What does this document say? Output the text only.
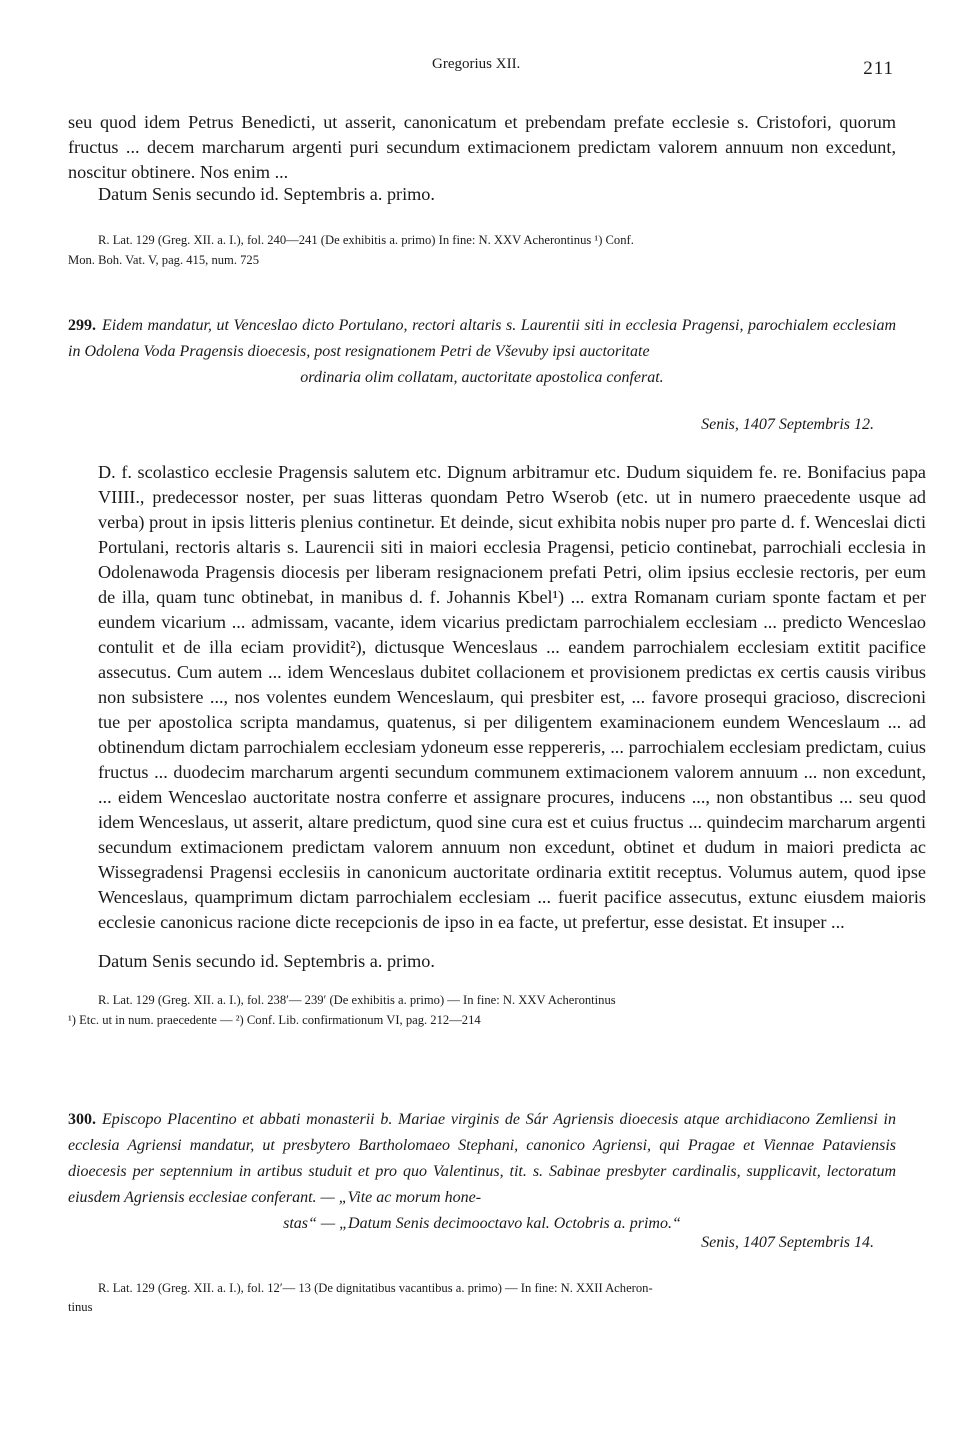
Gregorius XII.	211
seu quod idem Petrus Benedicti, ut asserit, canonicatum et prebendam prefate ecclesie s. Cristofori, quorum fructus ... decem marcharum argenti puri secundum extimacionem predictam valorem annuum non excedunt, noscitur obtinere. Nos enim ...
Datum Senis secundo id. Septembris a. primo.
R. Lat. 129 (Greg. XII. a. I.), fol. 240—241 (De exhibitis a. primo) In fine: N. XXV Acherontinus ¹) Conf.
Mon. Boh. Vat. V, pag. 415, num. 725
299. Eidem mandatur, ut Venceslao dicto Portulano, rectori altaris s. Laurentii siti in ecclesia Pragensi, parochialem ecclesiam in Odolena Voda Pragensis dioecesis, post resignationem Petri de Vševuby ipsi auctoritate
ordinaria olim collatam, auctoritate apostolica conferat.
Senis, 1407 Septembris 12.
D. f. scolastico ecclesie Pragensis salutem etc. Dignum arbitramur etc. Dudum siquidem fe. re. Bonifacius papa VIIII., predecessor noster, per suas litteras quondam Petro Wserob (etc. ut in numero praecedente usque ad verba) prout in ipsis litteris plenius continetur. Et deinde, sicut exhibita nobis nuper pro parte d. f. Wenceslai dicti Portulani, rectoris altaris s. Laurencii siti in maiori ecclesia Pragensi, peticio continebat, parrochiali ecclesia in Odolenawoda Pragensis diocesis per liberam resignacionem prefati Petri, olim ipsius ecclesie rectoris, per eum de illa, quam tunc obtinebat, in manibus d. f. Johannis Kbel¹) ... extra Romanam curiam sponte factam et per eundem vicarium ... admissam, vacante, idem vicarius predictam parrochialem ecclesiam ... predicto Wenceslao contulit et de illa eciam providit²), dictusque Wenceslaus ... eandem parrochialem ecclesiam extitit pacifice assecutus. Cum autem ... idem Wenceslaus dubitet collacionem et provisionem predictas ex certis causis viribus non subsistere ..., nos volentes eundem Wenceslaum, qui presbiter est, ... favore prosequi gracioso, discrecioni tue per apostolica scripta mandamus, quatenus, si per diligentem examinacionem eundem Wenceslaum ... ad obtinendum dictam parrochialem ecclesiam ydoneum esse reppereris, ... parrochialem ecclesiam predictam, cuius fructus ... duodecim marcharum argenti secundum communem extimacionem valorem annuum ... non excedunt, ... eidem Wenceslao auctoritate nostra conferre et assignare procures, inducens ..., non obstantibus ... seu quod idem Wenceslaus, ut asserit, altare predictum, quod sine cura est et cuius fructus ... quindecim marcharum argenti secundum extimacionem predictam valorem annuum non excedunt, obtinet et dudum in maiori predicta ac Wissegradensi Pragensi ecclesiis in canonicum auctoritate ordinaria extitit receptus. Volumus autem, quod ipse Wenceslaus, quamprimum dictam parrochialem ecclesiam ... fuerit pacifice assecutus, extunc eiusdem maioris ecclesie canonicus racione dicte recepcionis de ipso in ea facte, ut prefertur, esse desistat. Et insuper ...
Datum Senis secundo id. Septembris a. primo.
R. Lat. 129 (Greg. XII. a. I.), fol. 238′— 239′ (De exhibitis a. primo) — In fine: N. XXV Acherontinus
¹) Etc. ut in num. praecedente — ²) Conf. Lib. confirmationum VI, pag. 212—214
300. Episcopo Placentino et abbati monasterii b. Mariae virginis de Sár Agriensis dioecesis atque archidiacono Zemliensi in ecclesia Agriensi mandatur, ut presbytero Bartholomaeo Stephani, canonico Agriensi, qui Pragae et Viennae Pataviensis dioecesis per septennium in artibus studuit et pro quo Valentinus, tit. s. Sabinae presbyter cardinalis, supplicavit, lectoratum eiusdem Agriensis ecclesiae conferant. — „Vite ac morum hone-
stas“ — „Datum Senis decimooctavo kal. Octobris a. primo.“
Senis, 1407 Septembris 14.
R. Lat. 129 (Greg. XII. a. I.), fol. 12′— 13 (De dignitatibus vacantibus a. primo) — In fine: N. XXII Acheron-
tinus
